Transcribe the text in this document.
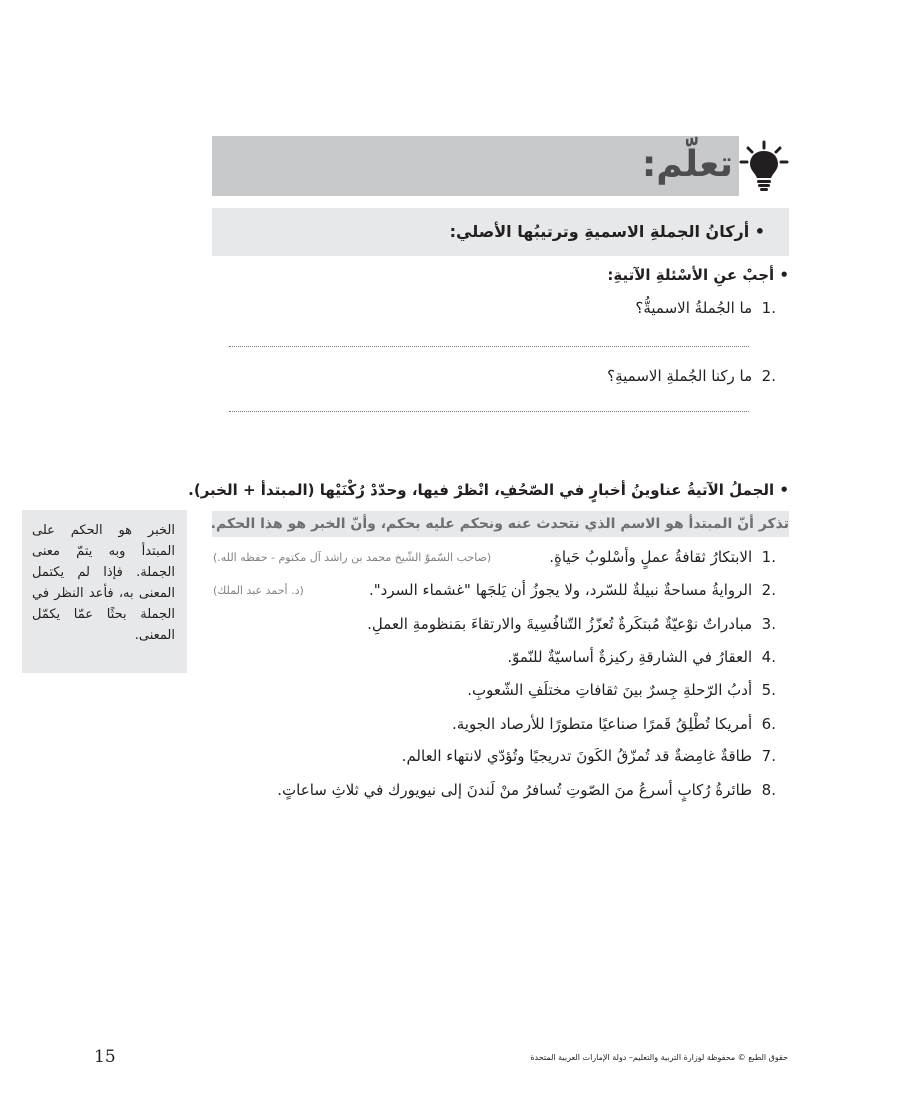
تعلّم:
• أركانُ الجملةِ الاسميةِ وترتيبُها الأصلي:
• أجبْ عنِ الأسْئلةِ الآتيةِ:
.1  ما الجُملةُ الاسميةُّ؟
.2  ما ركنا الجُملةِ الاسميةِ؟
• الجملُ الآتيةُ عناوينُ أخبارٍ في الصّحُفِ، انْظرْ فيها، وحدّدْ رُكْنَيْها (المبتدأ + الخبر).
تذكر أنّ المبتدأ هو الاسم الذي نتحدث عنه ونحكم عليه بحكم، وأنّ الخبر هو هذا الحكم.
.1  الابتكارُ ثقافةُ عملٍ وأسْلوبُ حَياةٍ.
(صاحب السّموّ الشّيخ محمد بن راشد آل مكتوم - حفظه الله.)
.2  الروايةُ مساحةٌ نبيلةٌ للسّرد، ولا يجوزُ أن يَلجَها "غشماء السرد".
(د. أحمد عبد الملك)
.3  مبادراتٌ نوْعيّةٌ مُبتكَرةٌ تُعزّزُ التّنافُسِيةَ والارتقاءَ بمَنظومةِ العملِ.
.4  العقارُ في الشارقةِ ركيزةٌ أساسيّةٌ للنّموّ.
.5  أدبُ الرّحلةِ جِسرٌ بينَ ثقافاتِ مختلَفِ الشّعوبِ.
.6  أمريكا تُطْلِقُ قَمرًا صناعيًا متطورًا للأرصاد الجوية.
.7  طاقةٌ غامِضةٌ قد تُمزّقُ الكَونَ تدريجيًا وتُؤدّي لانتهاء العالم.
.8  طائرةُ رُكابٍ أسرعُ منَ الصّوتِ تُسافرُ منْ لَندنَ إلى نيويورك في ثلاثِ ساعاتٍ.
الخبر هو الحكم على المبتدأ وبه يتمّ معنى الجملة. فإذا لم يكتمل المعنى به، فأعد النظر في الجملة بحثًا عمّا يكمّل المعنى.
15	حقوق الطبع © محفوظة لوزارة التربية والتعليم– دولة الإمارات العربية المتحدة
